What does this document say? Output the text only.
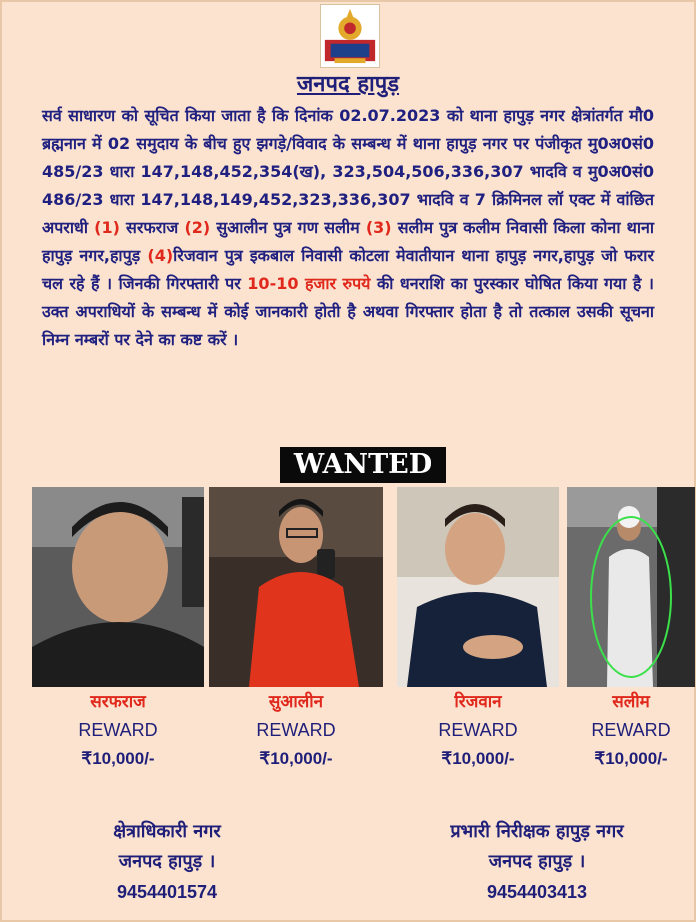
जनपद हापुड़
सर्व साधारण को सूचित किया जाता है कि दिनांक 02.07.2023 को थाना हापुड़ नगर क्षेत्रांतर्गत मौ0 ब्रह्मनान में 02 समुदाय के बीच हुए झगड़े/विवाद के सम्बन्ध में थाना हापुड़ नगर पर पंजीकृत मु0अ0सं0 485/23 धारा 147,148,452,354(ख), 323,504,506,336,307 भादवि व मु0अ0सं0 486/23 धारा 147,148,149,452,323,336,307 भादवि व 7 क्रिमिनल लॉ एक्ट में वांछित अपराधी (1) सरफराज (2) सुआलीन पुत्र गण सलीम (3) सलीम पुत्र कलीम निवासी किला कोना थाना हापुड़ नगर,हापुड़ (4)रिजवान पुत्र इकबाल निवासी कोटला मेवातीयान थाना हापुड़ नगर,हापुड़ जो फरार चल रहे हैं । जिनकी गिरफ्तारी पर 10-10 हजार रुपये की धनराशि का पुरस्कार घोषित किया गया है । उक्त अपराधियों के सम्बन्ध में कोई जानकारी होती है अथवा गिरफ्तार होता है तो तत्काल उसकी सूचना निम्न नम्बरों पर देने का कष्ट करें ।
WANTED
सरफराज
REWARD
₹10,000/-
सुआलीन
REWARD
₹10,000/-
रिजवान
REWARD
₹10,000/-
सलीम
REWARD
₹10,000/-
क्षेत्राधिकारी नगर
जनपद हापुड़ ।
9454401574
प्रभारी निरीक्षक हापुड़ नगर
जनपद हापुड़ ।
9454403413
